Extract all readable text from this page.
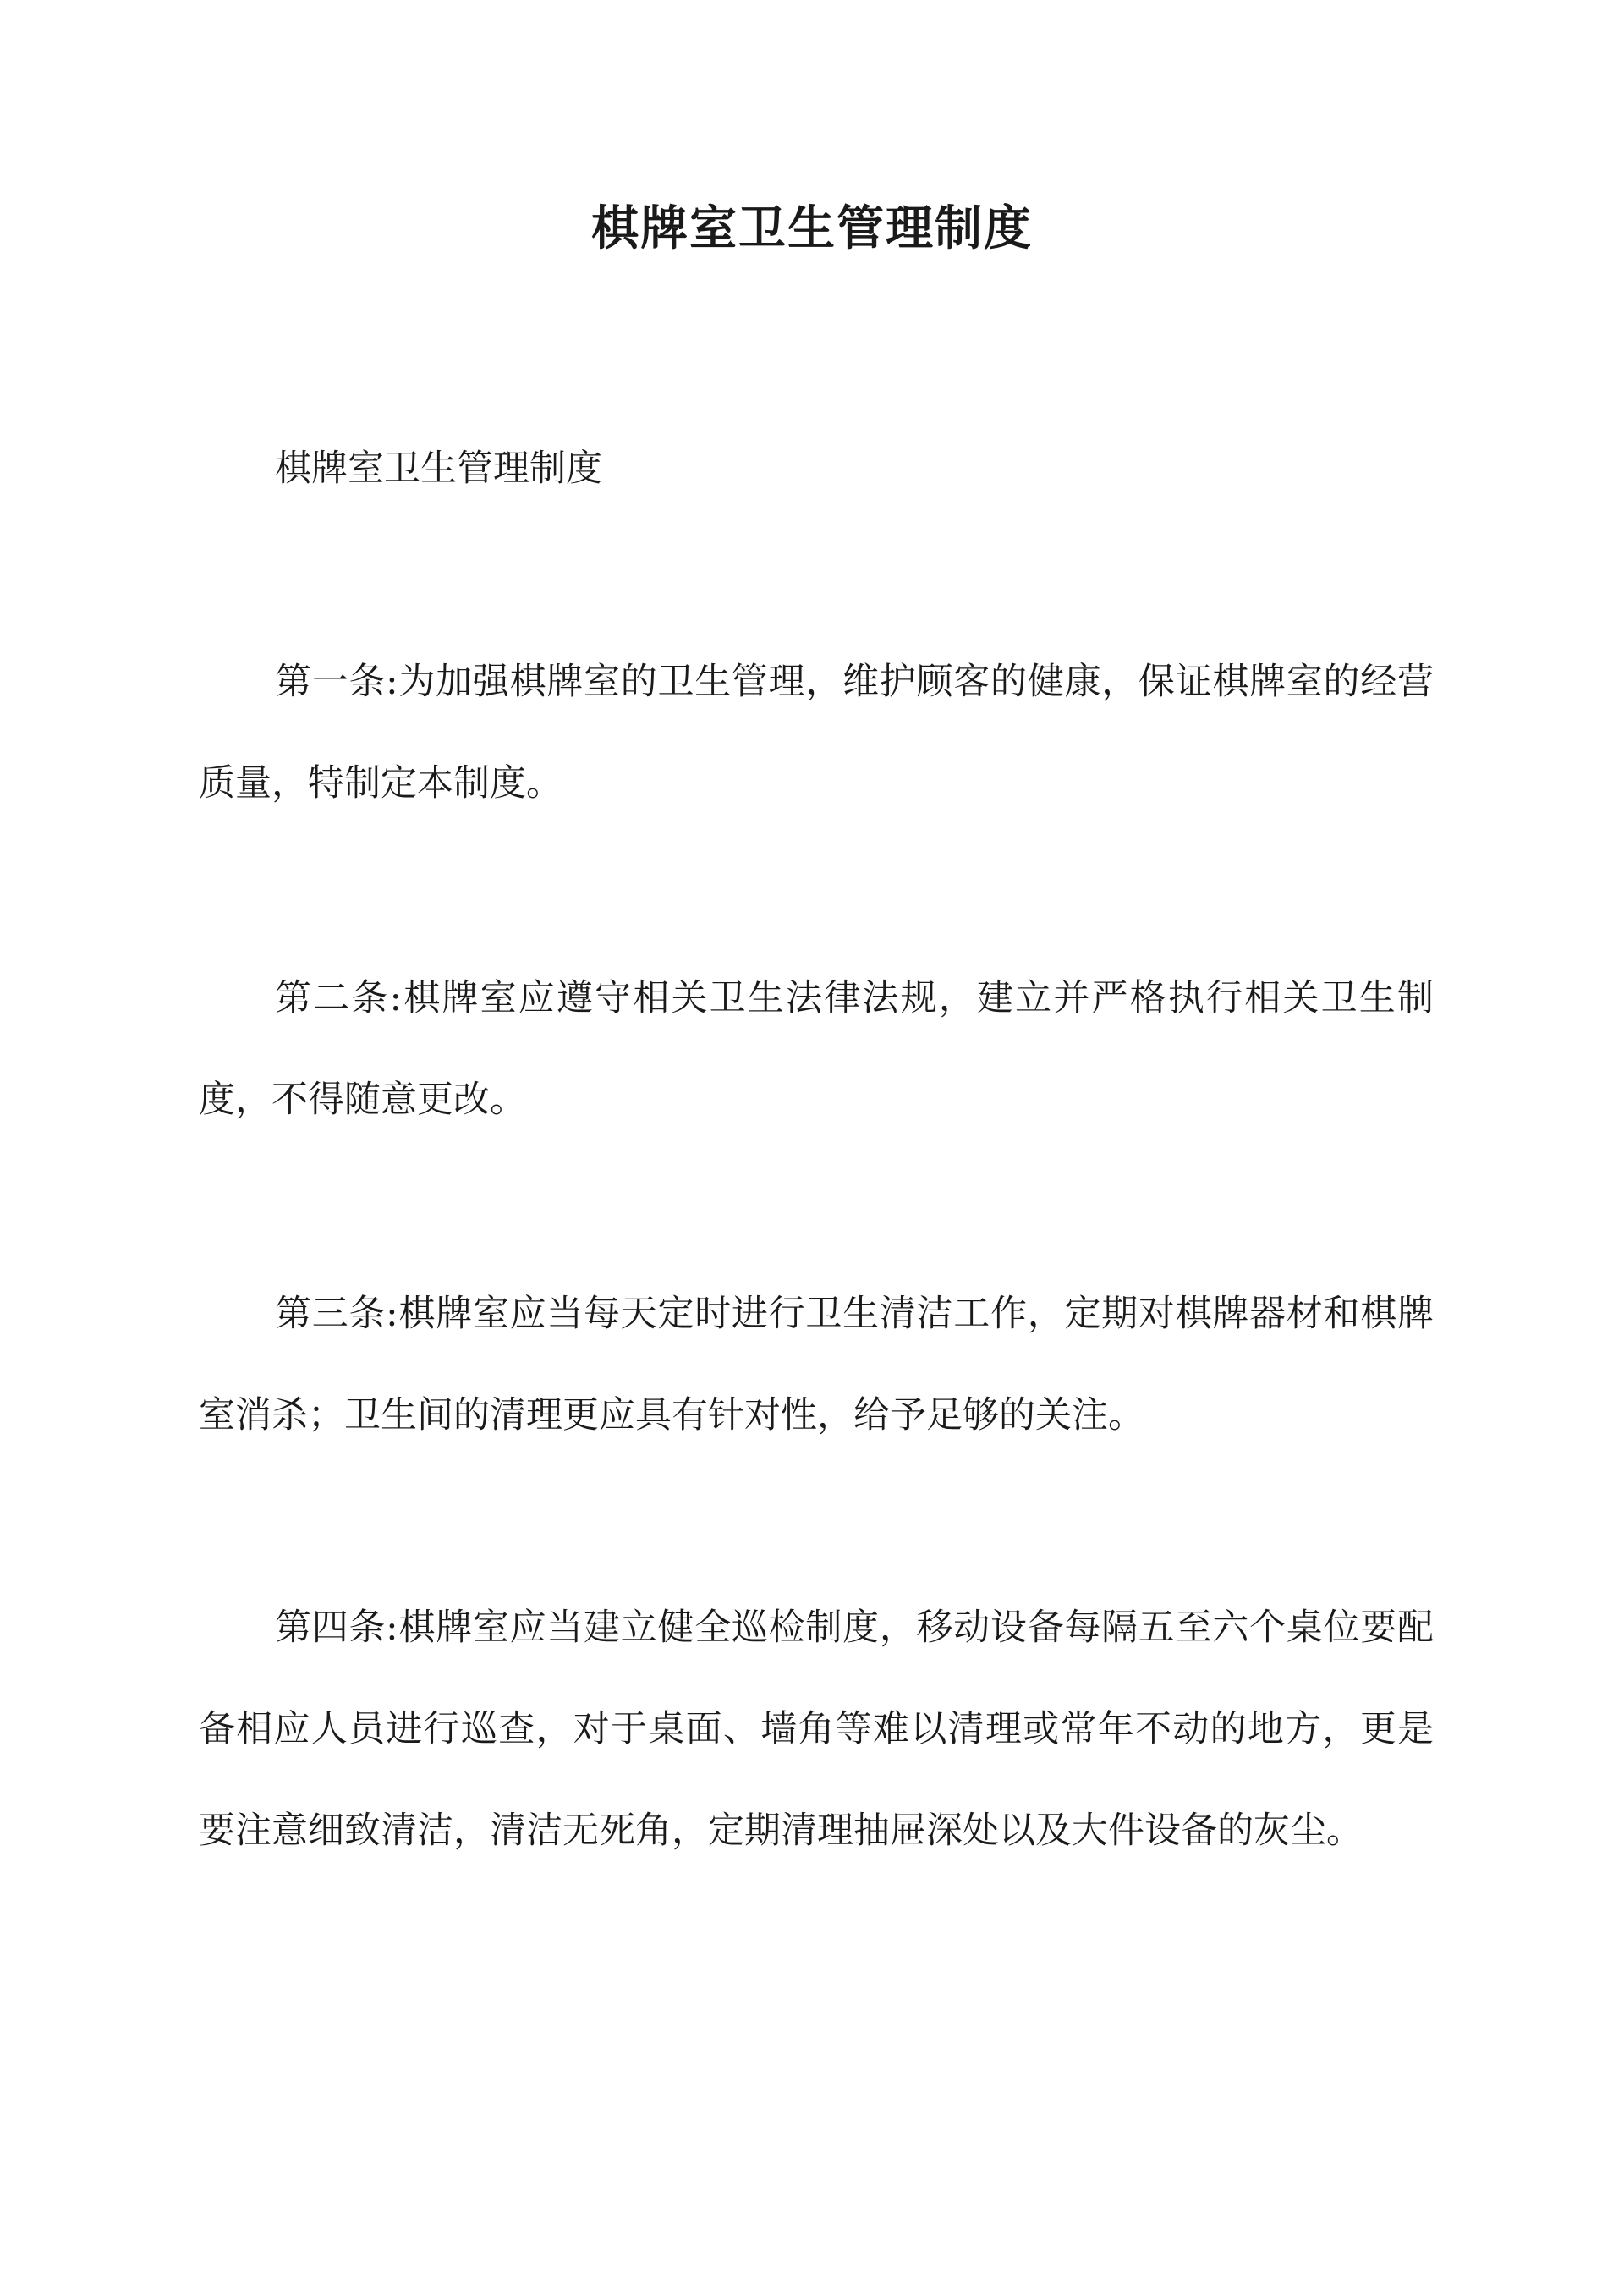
棋牌室卫生管理制度

棋牌室卫生管理制度

第一条:为加强棋牌室的卫生管理，维护顾客的健康，保证棋牌室的经营质量，特制定本制度。

第二条:棋牌室应遵守相关卫生法律法规，建立并严格执行相关卫生制度，不得随意更改。

第三条:棋牌室应当每天定时进行卫生清洁工作，定期对棋牌器材和棋牌室消杀；卫生间的清理更应具有针对性，给予足够的关注。

第四条:棋牌室应当建立健全巡检制度，移动设备每隔五至六个桌位要配备相应人员进行巡查，对于桌面、墙角等难以清理或常年不动的地方，更是要注意细致清洁，清洁无死角，定期清理抽屉深处以及大件设备的灰尘。
